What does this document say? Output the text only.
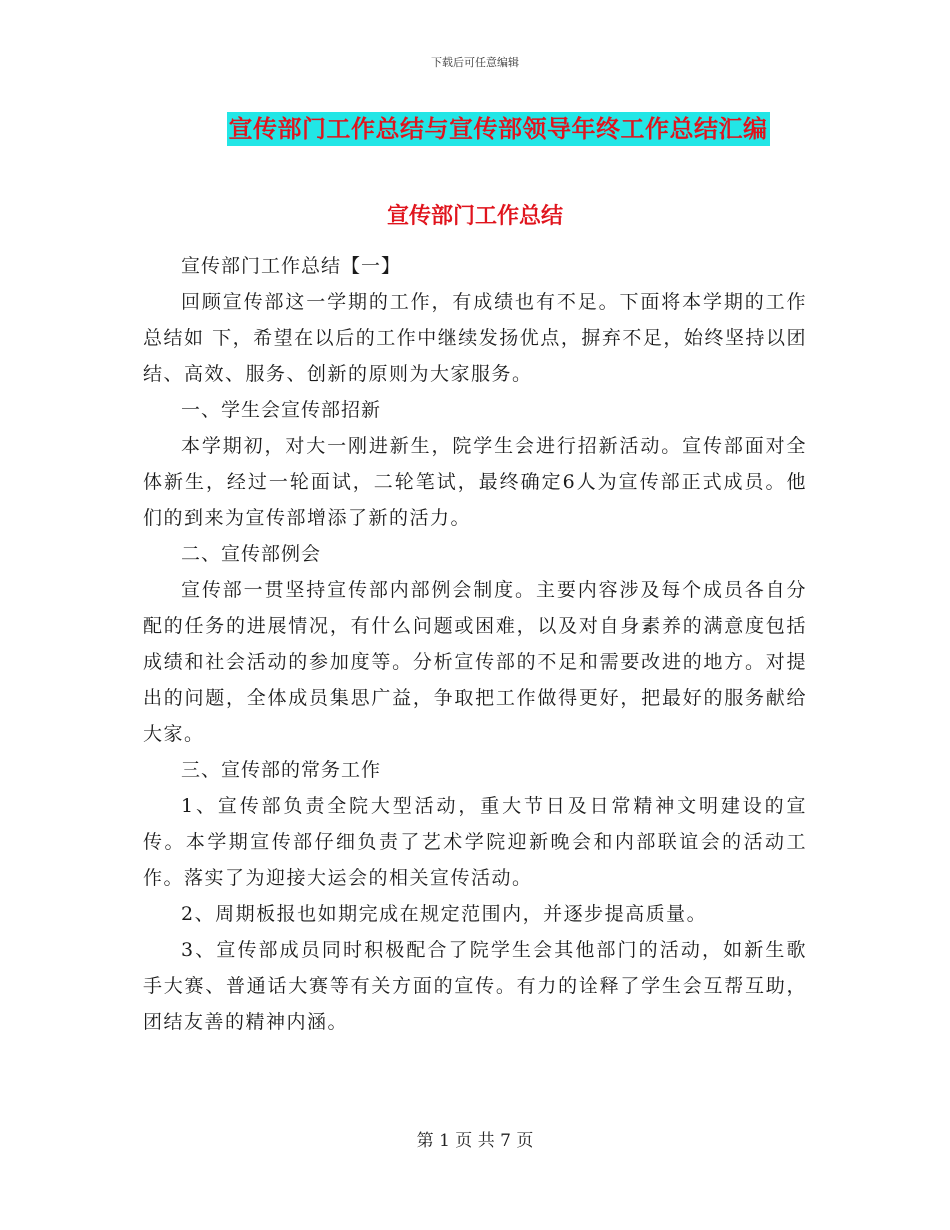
下载后可任意编辑
宣传部门工作总结与宣传部领导年终工作总结汇编
宣传部门工作总结

宣传部门工作总结【一】

回顾宣传部这一学期的工作，有成绩也有不足。下面将本学期的工作总结如 下，希望在以后的工作中继续发扬优点，摒弃不足，始终坚持以团结、高效、服务、创新的原则为大家服务。

一、学生会宣传部招新

本学期初，对大一刚进新生，院学生会进行招新活动。宣传部面对全体新生，经过一轮面试，二轮笔试，最终确定6人为宣传部正式成员。他们的到来为宣传部增添了新的活力。

二、宣传部例会

宣传部一贯坚持宣传部内部例会制度。主要内容涉及每个成员各自分配的任务的进展情况，有什么问题或困难，以及对自身素养的满意度包括成绩和社会活动的参加度等。分析宣传部的不足和需要改进的地方。对提出的问题，全体成员集思广益，争取把工作做得更好，把最好的服务献给大家。

三、宣传部的常务工作

1、宣传部负责全院大型活动，重大节日及日常精神文明建设的宣传。本学期宣传部仔细负责了艺术学院迎新晚会和内部联谊会的活动工作。落实了为迎接大运会的相关宣传活动。

2、周期板报也如期完成在规定范围内，并逐步提高质量。

3、宣传部成员同时积极配合了院学生会其他部门的活动，如新生歌手大赛、普通话大赛等有关方面的宣传。有力的诠释了学生会互帮互助，团结友善的精神内涵。

第 1 页 共 7 页
